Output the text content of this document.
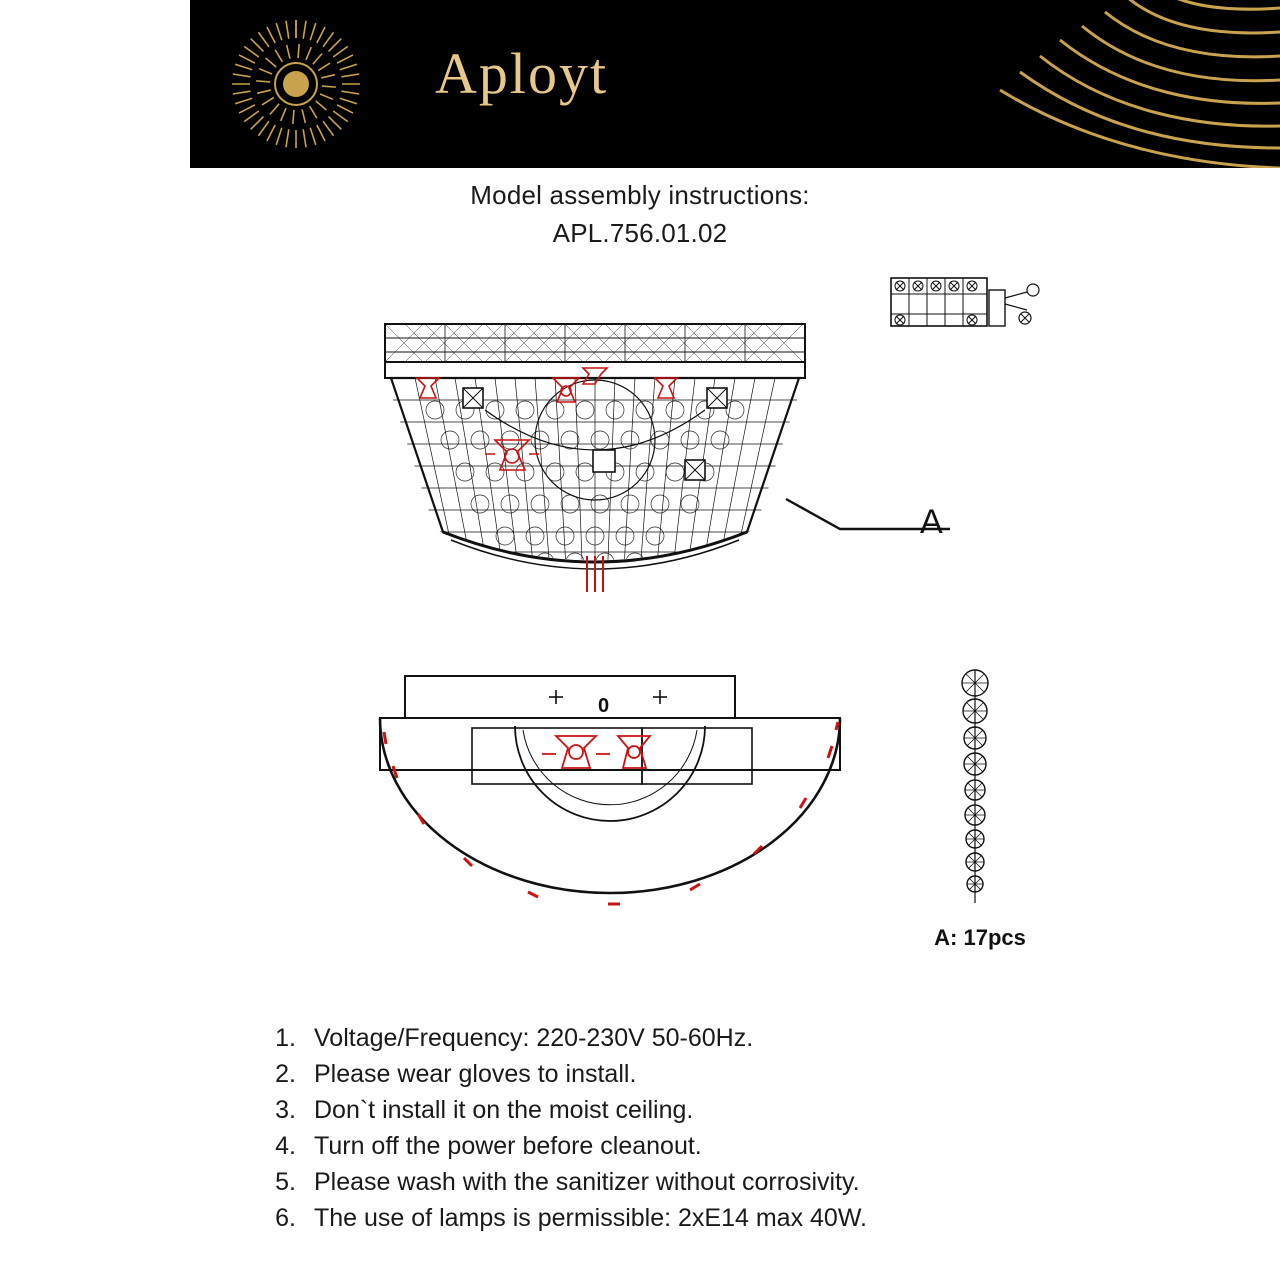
Aployt
Model assembly instructions:
APL.756.01.02
A
0
A: 17pcs
1. Voltage/Frequency: 220-230V 50-60Hz.
2. Please wear gloves to install.
3. Don`t install it on the moist ceiling.
4. Turn off the power before cleanout.
5. Please wash with the sanitizer without corrosivity.
6. The use of lamps is permissible: 2xE14 max 40W.
